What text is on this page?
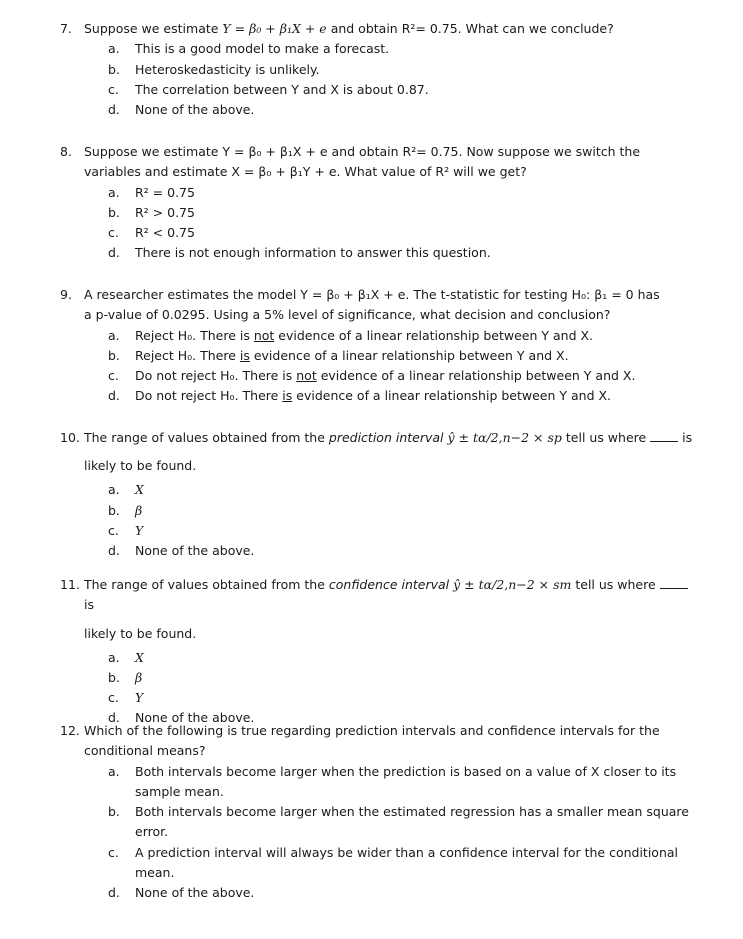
7. Suppose we estimate Y = β₀ + β₁X + e and obtain R²= 0.75. What can we conclude?
a.	This is a good model to make a forecast.
b.	Heteroskedasticity is unlikely.
c.	The correlation between Y and X is about 0.87.
d.	None of the above.
8. Suppose we estimate Y = β₀ + β₁X + e and obtain R²= 0.75. Now suppose we switch the
variables and estimate X = β₀ + β₁Y + e. What value of R² will we get?
a.	R² = 0.75
b.	R² > 0.75
c.	R² < 0.75
d.	There is not enough information to answer this question.
9. A researcher estimates the model Y = β₀ + β₁X + e. The t-statistic for testing H₀: β₁ = 0 has
a p-value of 0.0295. Using a 5% level of significance, what decision and conclusion?
a.	Reject H₀. There is not evidence of a linear relationship between Y and X.
b.	Reject H₀. There is evidence of a linear relationship between Y and X.
c.	Do not reject H₀. There is not evidence of a linear relationship between Y and X.
d.	Do not reject H₀. There is evidence of a linear relationship between Y and X.
10. The range of values obtained from the prediction interval ŷ ± tα/2,n−2 × sp tell us where  is
likely to be found.
a.	X
b.	β
c.	Y
d.	None of the above.
11. The range of values obtained from the confidence interval ŷ ± tα/2,n−2 × sm tell us where  is
likely to be found.
a.	X
b.	β
c.	Y
d.	None of the above.
12. Which of the following is true regarding prediction intervals and confidence intervals for the
conditional means?
a.	Both intervals become larger when the prediction is based on a value of X closer to its
sample mean.
b.	Both intervals become larger when the estimated regression has a smaller mean square
error.
c.	A prediction interval will always be wider than a confidence interval for the conditional
mean.
d.	None of the above.
